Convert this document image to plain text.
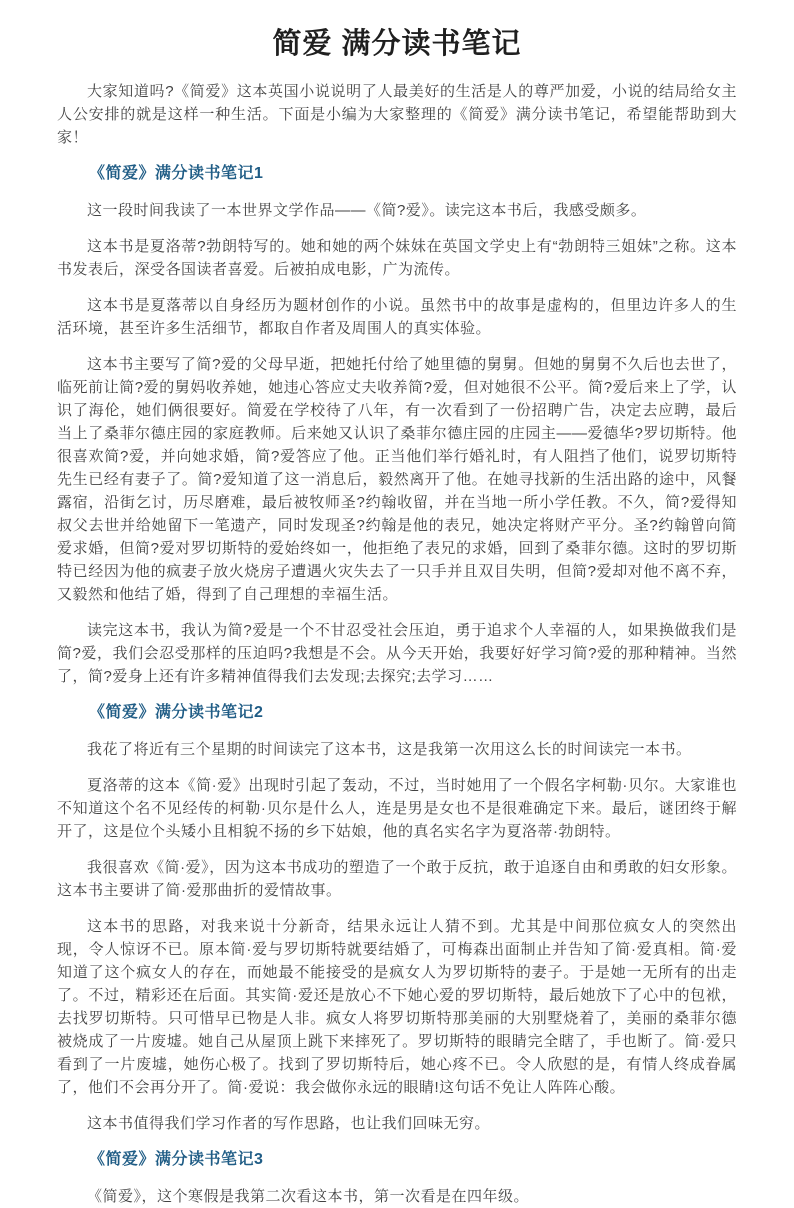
简爱 满分读书笔记

大家知道吗?《简爱》这本英国小说说明了人最美好的生活是人的尊严加爱，小说的结局给女主人公安排的就是这样一种生活。下面是小编为大家整理的《简爱》满分读书笔记，希望能帮助到大家！

《简爱》满分读书笔记1

这一段时间我读了一本世界文学作品——《简?爱》。读完这本书后，我感受颇多。

这本书是夏洛蒂?勃朗特写的。她和她的两个妹妹在英国文学史上有“勃朗特三姐妹”之称。这本书发表后，深受各国读者喜爱。后被拍成电影，广为流传。

这本书是夏落蒂以自身经历为题材创作的小说。虽然书中的故事是虚构的，但里边许多人的生活环境，甚至许多生活细节，都取自作者及周围人的真实体验。

这本书主要写了简?爱的父母早逝，把她托付给了她里德的舅舅。但她的舅舅不久后也去世了，临死前让简?爱的舅妈收养她，她违心答应丈夫收养简?爱，但对她很不公平。简?爱后来上了学，认识了海伦，她们俩很要好。简爱在学校待了八年，有一次看到了一份招聘广告，决定去应聘，最后当上了桑菲尔德庄园的家庭教师。后来她又认识了桑菲尔德庄园的庄园主——爱德华?罗切斯特。他很喜欢简?爱，并向她求婚，简?爱答应了他。正当他们举行婚礼时，有人阻挡了他们，说罗切斯特先生已经有妻子了。简?爱知道了这一消息后，毅然离开了他。在她寻找新的生活出路的途中，风餐露宿，沿街乞讨，历尽磨难，最后被牧师圣?约翰收留，并在当地一所小学任教。不久，简?爱得知叔父去世并给她留下一笔遗产，同时发现圣?约翰是他的表兄，她决定将财产平分。圣?约翰曾向简爱求婚，但简?爱对罗切斯特的爱始终如一，他拒绝了表兄的求婚，回到了桑菲尔德。这时的罗切斯特已经因为他的疯妻子放火烧房子遭遇火灾失去了一只手并且双目失明，但简?爱却对他不离不弃，又毅然和他结了婚，得到了自己理想的幸福生活。

读完这本书，我认为简?爱是一个不甘忍受社会压迫，勇于追求个人幸福的人，如果换做我们是简?爱，我们会忍受那样的压迫吗?我想是不会。从今天开始，我要好好学习简?爱的那种精神。当然了，简?爱身上还有许多精神值得我们去发现;去探究;去学习……

《简爱》满分读书笔记2

我花了将近有三个星期的时间读完了这本书，这是我第一次用这么长的时间读完一本书。

夏洛蒂的这本《简·爱》出现时引起了轰动，不过，当时她用了一个假名字柯勒·贝尔。大家谁也不知道这个名不见经传的柯勒·贝尔是什么人，连是男是女也不是很难确定下来。最后，谜团终于解开了，这是位个头矮小且相貌不扬的乡下姑娘，他的真名实名字为夏洛蒂·勃朗特。

我很喜欢《简·爱》，因为这本书成功的塑造了一个敢于反抗，敢于追逐自由和勇敢的妇女形象。这本书主要讲了简·爱那曲折的爱情故事。

这本书的思路，对我来说十分新奇，结果永远让人猜不到。尤其是中间那位疯女人的突然出现，令人惊讶不已。原本简·爱与罗切斯特就要结婚了，可梅森出面制止并告知了简·爱真相。简·爱知道了这个疯女人的存在，而她最不能接受的是疯女人为罗切斯特的妻子。于是她一无所有的出走了。不过，精彩还在后面。其实简·爱还是放心不下她心爱的罗切斯特，最后她放下了心中的包袱，去找罗切斯特。只可惜早已物是人非。疯女人将罗切斯特那美丽的大别墅烧着了，美丽的桑菲尔德被烧成了一片废墟。她自己从屋顶上跳下来摔死了。罗切斯特的眼睛完全瞎了，手也断了。简·爱只看到了一片废墟，她伤心极了。找到了罗切斯特后，她心疼不已。令人欣慰的是，有情人终成眷属了，他们不会再分开了。简·爱说：我会做你永远的眼睛!这句话不免让人阵阵心酸。

这本书值得我们学习作者的写作思路，也让我们回味无穷。

《简爱》满分读书笔记3

《简爱》，这个寒假是我第二次看这本书，第一次看是在四年级。
